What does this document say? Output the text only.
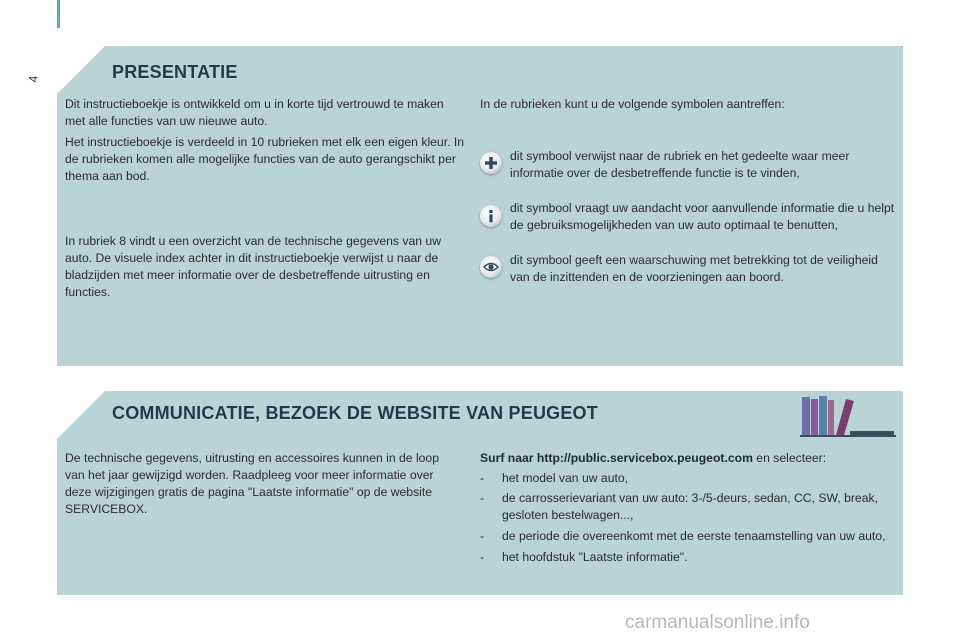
4	PRESENTATIE

Dit instructieboekje is ontwikkeld om u in korte tijd vertrouwd te maken met alle functies van uw nieuwe auto.

Het instructieboekje is verdeeld in 10 rubrieken met elk een eigen kleur. In de rubrieken komen alle mogelijke functies van de auto gerangschikt per thema aan bod.

In rubriek 8 vindt u een overzicht van de technische gegevens van uw auto. De visuele index achter in dit instructieboekje verwijst u naar de bladzijden met meer informatie over de desbetreffende uitrusting en functies.

In de rubrieken kunt u de volgende symbolen aantreffen:

dit symbool verwijst naar de rubriek en het gedeelte waar meer informatie over de desbetreffende functie is te vinden,

dit symbool vraagt uw aandacht voor aanvullende informatie die u helpt de gebruiksmogelijkheden van uw auto optimaal te benutten,

dit symbool geeft een waarschuwing met betrekking tot de veiligheid van de inzittenden en de voorzieningen aan boord.

COMMUNICATIE, BEZOEK DE WEBSITE VAN PEUGEOT

De technische gegevens, uitrusting en accessoires kunnen in de loop van het jaar gewijzigd worden. Raadpleeg voor meer informatie over deze wijzigingen gratis de pagina "Laatste informatie" op de website SERVICEBOX.

Surf naar http://public.servicebox.peugeot.com en selecteer:

- het model van uw auto,
- de carrosserievariant van uw auto: 3-/5-deurs, sedan, CC, SW, break, gesloten bestelwagen...,
- de periode die overeenkomt met de eerste tenaamstelling van uw auto,
- het hoofdstuk "Laatste informatie".
carmanualsonline.info
